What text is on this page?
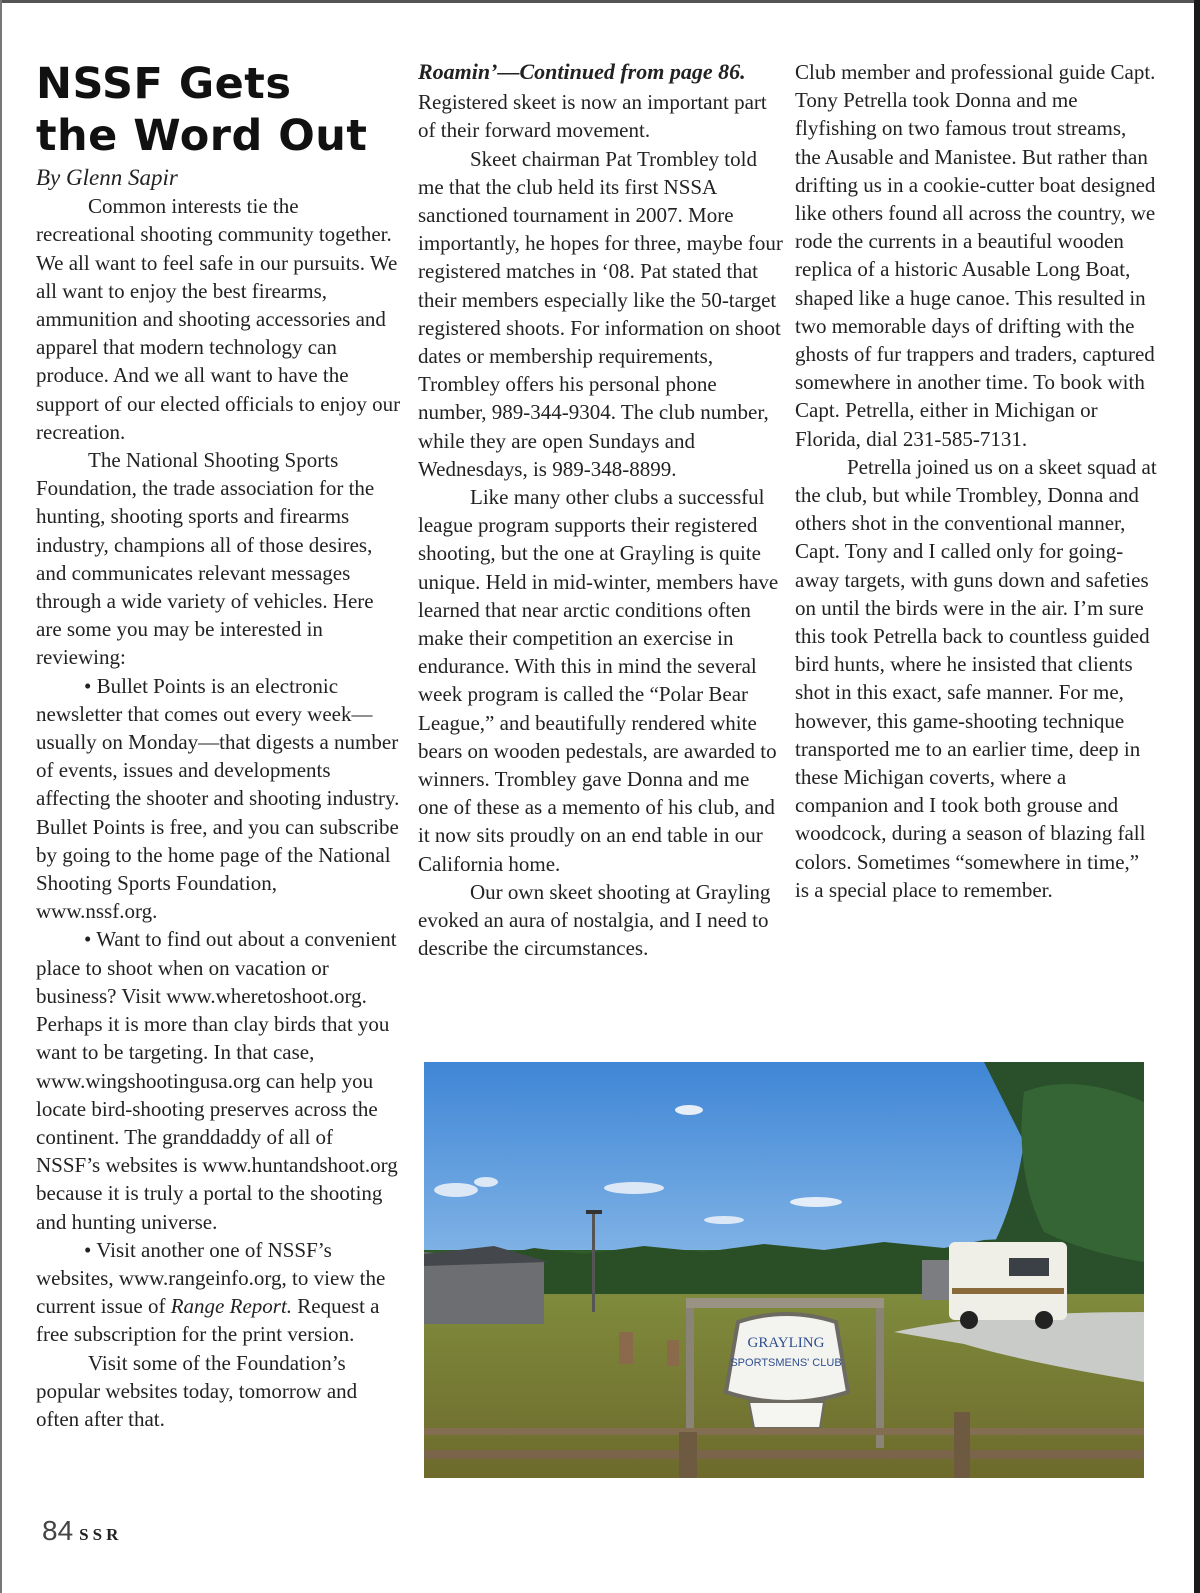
NSSF Gets
the Word Out
By Glenn Sapir

Common interests tie the recreational shooting community together. We all want to feel safe in our pursuits. We all want to enjoy the best firearms, ammunition and shooting accessories and apparel that modern technology can produce. And we all want to have the support of our elected officials to enjoy our recreation.

The National Shooting Sports Foundation, the trade association for the hunting, shooting sports and firearms industry, champions all of those desires, and communicates relevant messages through a wide variety of vehicles. Here are some you may be interested in reviewing:

• Bullet Points is an electronic newsletter that comes out every week—usually on Monday—that digests a number of events, issues and developments affecting the shooter and shooting industry. Bullet Points is free, and you can subscribe by going to the home page of the National Shooting Sports Foundation, www.nssf.org.

• Want to find out about a convenient place to shoot when on vacation or business? Visit www.wheretoshoot.org. Perhaps it is more than clay birds that you want to be targeting. In that case, www.wingshootingusa.org can help you locate bird-shooting preserves across the continent. The granddaddy of all of NSSF’s websites is www.huntandshoot.org because it is truly a portal to the shooting and hunting universe.

• Visit another one of NSSF’s websites, www.rangeinfo.org, to view the current issue of Range Report. Request a free subscription for the print version.

Visit some of the Foundation’s popular websites today, tomorrow and often after that.

Roamin’—Continued from page 86.

Registered skeet is now an important part of their forward movement.

Skeet chairman Pat Trombley told me that the club held its first NSSA sanctioned tournament in 2007. More importantly, he hopes for three, maybe four registered matches in ‘08. Pat stated that their members especially like the 50-target registered shoots. For information on shoot dates or membership requirements, Trombley offers his personal phone number, 989-344-9304. The club number, while they are open Sundays and Wednesdays, is 989-348-8899.

Like many other clubs a successful league program supports their registered shooting, but the one at Grayling is quite unique. Held in mid-winter, members have learned that near arctic conditions often make their competition an exercise in endurance. With this in mind the several week program is called the “Polar Bear League,” and beautifully rendered white bears on wooden pedestals, are awarded to winners. Trombley gave Donna and me one of these as a memento of his club, and it now sits proudly on an end table in our California home.

Our own skeet shooting at Grayling evoked an aura of nostalgia, and I need to describe the circumstances.

Club member and professional guide Capt. Tony Petrella took Donna and me flyfishing on two famous trout streams, the Ausable and Manistee. But rather than drifting us in a cookie-cutter boat designed like others found all across the country, we rode the currents in a beautiful wooden replica of a historic Ausable Long Boat, shaped like a huge canoe. This resulted in two memorable days of drifting with the ghosts of fur trappers and traders, captured somewhere in another time. To book with Capt. Petrella, either in Michigan or Florida, dial 231-585-7131.

Petrella joined us on a skeet squad at the club, but while Trombley, Donna and others shot in the conventional manner, Capt. Tony and I called only for going-away targets, with guns down and safeties on until the birds were in the air. I’m sure this took Petrella back to countless guided bird hunts, where he insisted that clients shot in this exact, safe manner. For me, however, this game-shooting technique transported me to an earlier time, deep in these Michigan coverts, where a companion and I took both grouse and woodcock, during a season of blazing fall colors. Sometimes “somewhere in time,” is a special place to remember.

GRAYLING
SPORTSMENS' CLUB
84 SSR
